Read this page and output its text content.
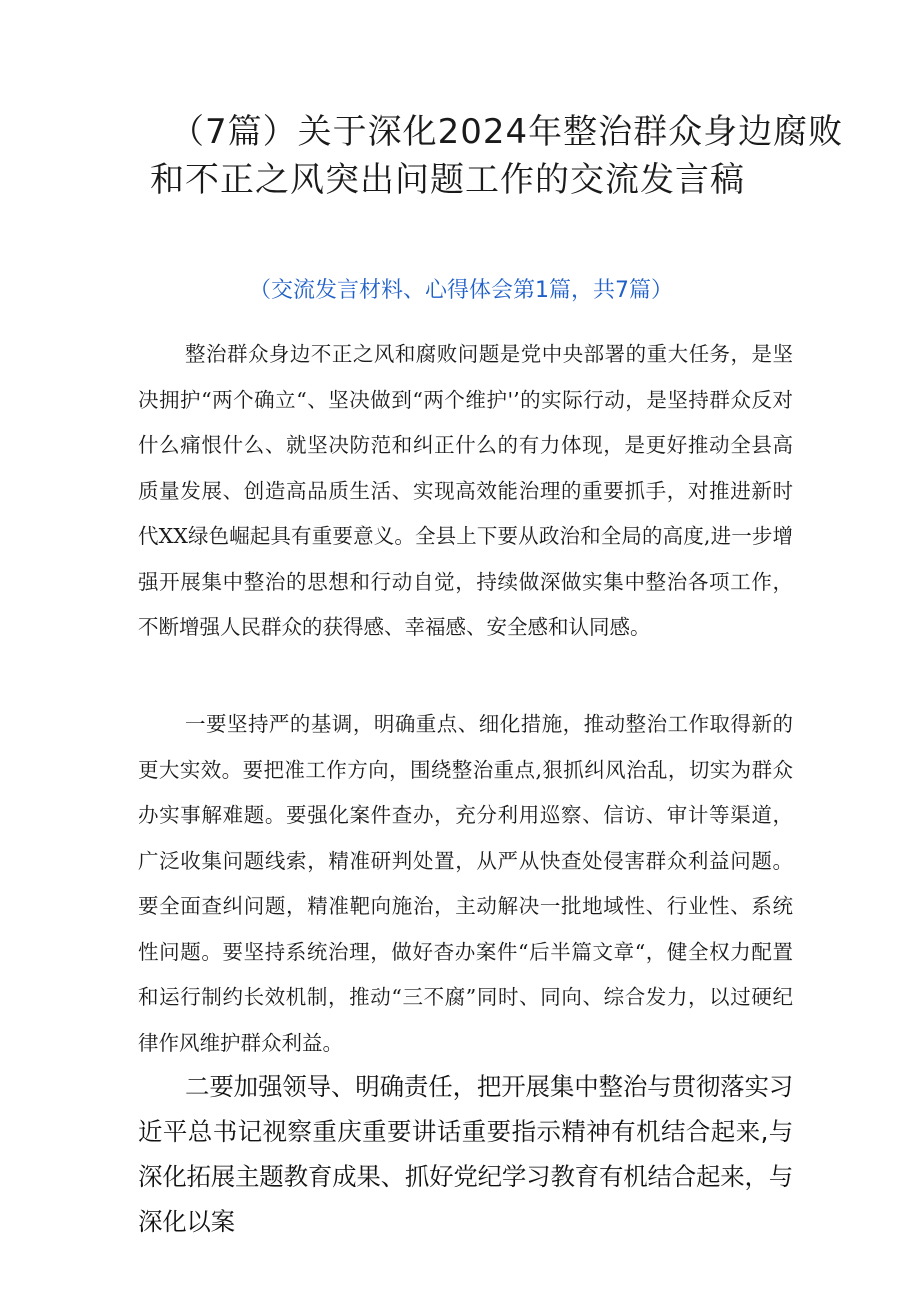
（7篇）关于深化2024年整治群众身边腐败
和不正之风突出问题工作的交流发言稿
（交流发言材料、心得体会第1篇，共7篇）

整治群众身边不正之风和腐败问题是党中央部署的重大任务，是坚决拥护“两个确立“、坚决做到“两个维护'’的实际行动，是坚持群众反对什么痛恨什么、就坚决防范和纠正什么的有力体现，是更好推动全县高质量发展、创造高品质生活、实现高效能治理的重要抓手，对推进新时代XX绿色崛起具有重要意义。全县上下要从政治和全局的高度,进一步增强开展集中整治的思想和行动自觉，持续做深做实集中整治各项工作，不断增强人民群众的获得感、幸福感、安全感和认同感。

一要坚持严的基调，明确重点、细化措施，推动整治工作取得新的更大实效。要把准工作方向，围绕整治重点,狠抓纠风治乱，切实为群众办实事解难题。要强化案件查办，充分利用巡察、信访、审计等渠道，广泛收集问题线索，精准研判处置，从严从快查处侵害群众利益问题。要全面查纠问题，精准靶向施治，主动解决一批地域性、行业性、系统性问题。要坚持系统治理，做好杳办案件“后半篇文章“，健全权力配置和运行制约长效机制，推动“三不腐”同时、同向、综合发力，以过硬纪律作风维护群众利益。

二要加强领导、明确责任，把开展集中整治与贯彻落实习近平总书记视察重庆重要讲话重要指示精神有机结合起来,与深化拓展主题教育成果、抓好党纪学习教育有机结合起来，与深化以案
